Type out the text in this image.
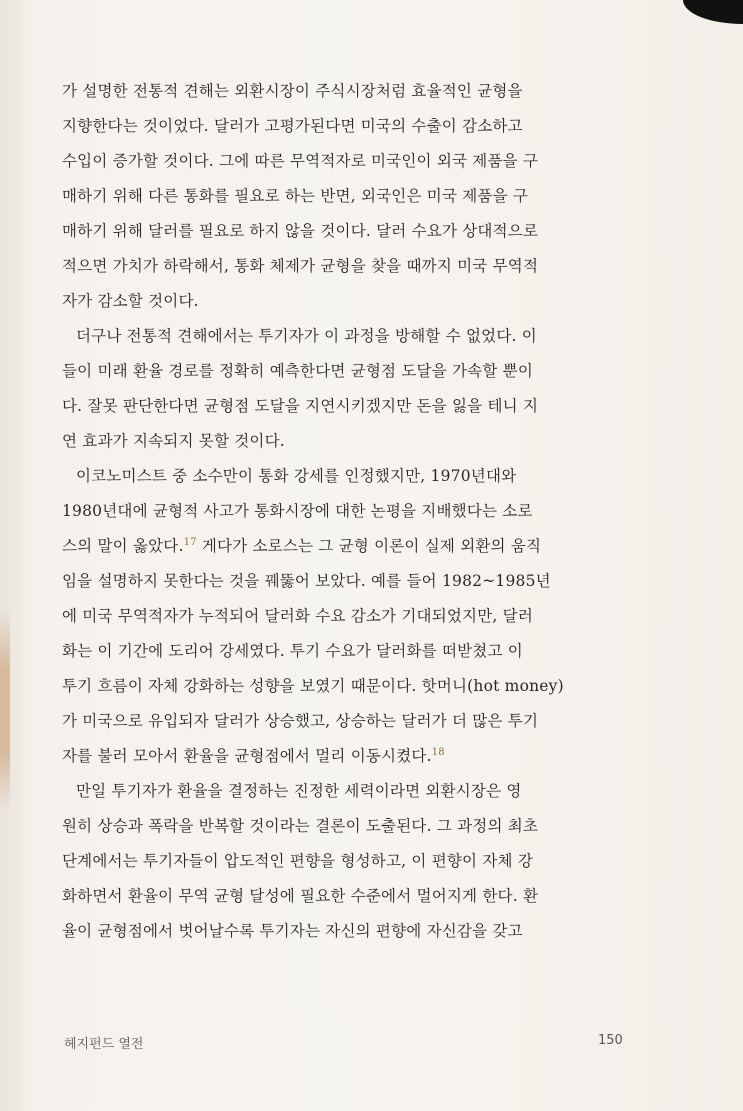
가 설명한 전통적 견해는 외환시장이 주식시장처럼 효율적인 균형을
지향한다는 것이었다. 달러가 고평가된다면 미국의 수출이 감소하고
수입이 증가할 것이다. 그에 따른 무역적자로 미국인이 외국 제품을 구
매하기 위해 다른 통화를 필요로 하는 반면, 외국인은 미국 제품을 구
매하기 위해 달러를 필요로 하지 않을 것이다. 달러 수요가 상대적으로
적으면 가치가 하락해서, 통화 체제가 균형을 찾을 때까지 미국 무역적
자가 감소할 것이다.
더구나 전통적 견해에서는 투기자가 이 과정을 방해할 수 없었다. 이
들이 미래 환율 경로를 정확히 예측한다면 균형점 도달을 가속할 뿐이
다. 잘못 판단한다면 균형점 도달을 지연시키겠지만 돈을 잃을 테니 지
연 효과가 지속되지 못할 것이다.
이코노미스트 중 소수만이 통화 강세를 인정했지만, 1970년대와
1980년대에 균형적 사고가 통화시장에 대한 논평을 지배했다는 소로
스의 말이 옳았다.$^{17}$ 게다가 소로스는 그 균형 이론이 실제 외환의 움직
임을 설명하지 못한다는 것을 꿰뚫어 보았다. 예를 들어 1982~1985년
에 미국 무역적자가 누적되어 달러화 수요 감소가 기대되었지만, 달러
화는 이 기간에 도리어 강세였다. 투기 수요가 달러화를 떠받쳤고 이
투기 흐름이 자체 강화하는 성향을 보였기 때문이다. 핫머니(hot money)
가 미국으로 유입되자 달러가 상승했고, 상승하는 달러가 더 많은 투기
자를 불러 모아서 환율을 균형점에서 멀리 이동시켰다.$^{18}$
만일 투기자가 환율을 결정하는 진정한 세력이라면 외환시장은 영
원히 상승과 폭락을 반복할 것이라는 결론이 도출된다. 그 과정의 최초
단계에서는 투기자들이 압도적인 편향을 형성하고, 이 편향이 자체 강
화하면서 환율이 무역 균형 달성에 필요한 수준에서 멀어지게 한다. 환
율이 균형점에서 벗어날수록 투기자는 자신의 편향에 자신감을 갖고
헤지펀드 열전	150
